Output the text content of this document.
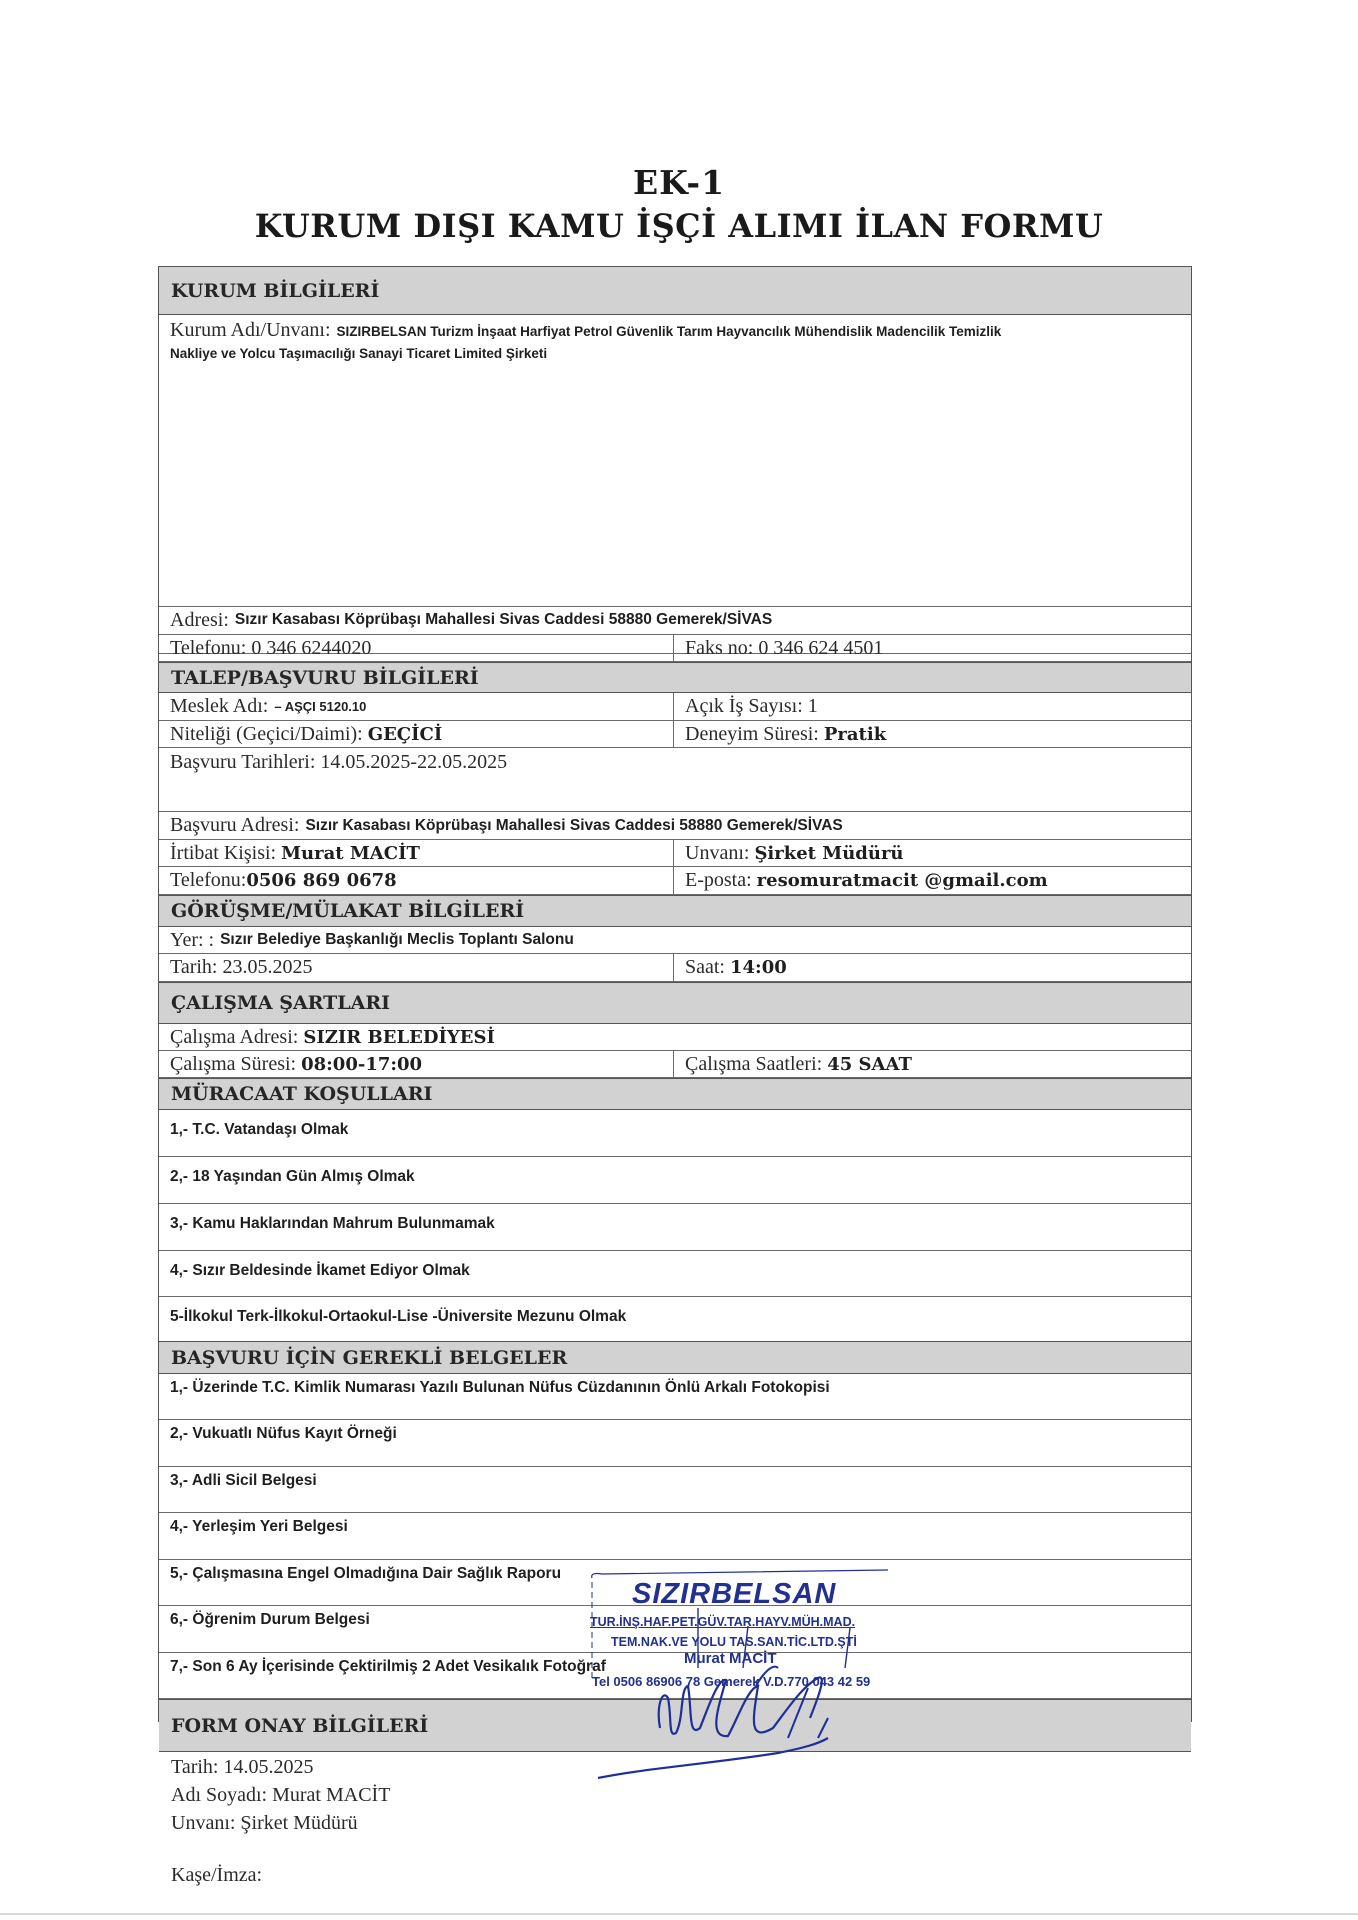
EK-1
KURUM DIŞI KAMU İŞÇİ ALIMI İLAN FORMU
KURUM BİLGİLERİ
Kurum Adı/Unvanı: SIZIRBELSAN Turizm İnşaat Harfiyat Petrol Güvenlik Tarım Hayvancılık Mühendislik Madencilik Temizlik
Nakliye ve Yolcu Taşımacılığı Sanayi Ticaret Limited Şirketi
Adresi: Sızır Kasabası Köprübaşı Mahallesi Sivas Caddesi 58880 Gemerek/SİVAS
Telefonu: 0 346 6244020	Faks no: 0 346 624 4501
TALEP/BAŞVURU BİLGİLERİ
Meslek Adı: – AŞÇI 5120.10	Açık İş Sayısı: 1
Niteliği (Geçici/Daimi): GEÇİCİ	Deneyim Süresi: Pratik
Başvuru Tarihleri: 14.05.2025-22.05.2025
Başvuru Adresi: Sızır Kasabası Köprübaşı Mahallesi Sivas Caddesi 58880 Gemerek/SİVAS
İrtibat Kişisi: Murat MACİT	Unvanı: Şirket Müdürü
Telefonu: 0506 869 0678	E-posta: resomuratmacit @gmail.com
GÖRÜŞME/MÜLAKAT BİLGİLERİ
Yer: : Sızır Belediye Başkanlığı Meclis Toplantı Salonu
Tarih: 23.05.2025	Saat: 14:00
ÇALIŞMA ŞARTLARI
Çalışma Adresi: SIZIR BELEDİYESİ
Çalışma Süresi: 08:00-17:00	Çalışma Saatleri: 45 SAAT
MÜRACAAT KOŞULLARI
1,- T.C. Vatandaşı Olmak
2,- 18 Yaşından Gün Almış Olmak
3,- Kamu Haklarından Mahrum Bulunmamak
4,- Sızır Beldesinde İkamet Ediyor Olmak
5-İlkokul Terk-İlkokul-Ortaokul-Lise -Üniversite Mezunu Olmak
BAŞVURU İÇİN GEREKLİ BELGELER
1,- Üzerinde T.C. Kimlik Numarası Yazılı Bulunan Nüfus Cüzdanının Önlü Arkalı Fotokopisi
2,- Vukuatlı Nüfus Kayıt Örneği
3,- Adli Sicil Belgesi
4,- Yerleşim Yeri Belgesi
5,- Çalışmasına Engel Olmadığına Dair Sağlık Raporu
6,- Öğrenim Durum Belgesi
7,- Son 6 Ay İçerisinde Çektirilmiş 2 Adet Vesikalık Fotoğraf
FORM ONAY BİLGİLERİ
Tarih: 14.05.2025
Adı Soyadı: Murat MACİT
Unvanı: Şirket Müdürü
Kaşe/İmza:
SIZIRBELSAN
TUR.İNŞ.HAF.PET.GÜV.TAR.HAYV.MÜH.MAD.
TEM.NAK.VE YOLU TAS.SAN.TİC.LTD.ŞTİ
Murat MACİT
Tel 0506 86906 78 Gemerek V.D.770 043 42 59
